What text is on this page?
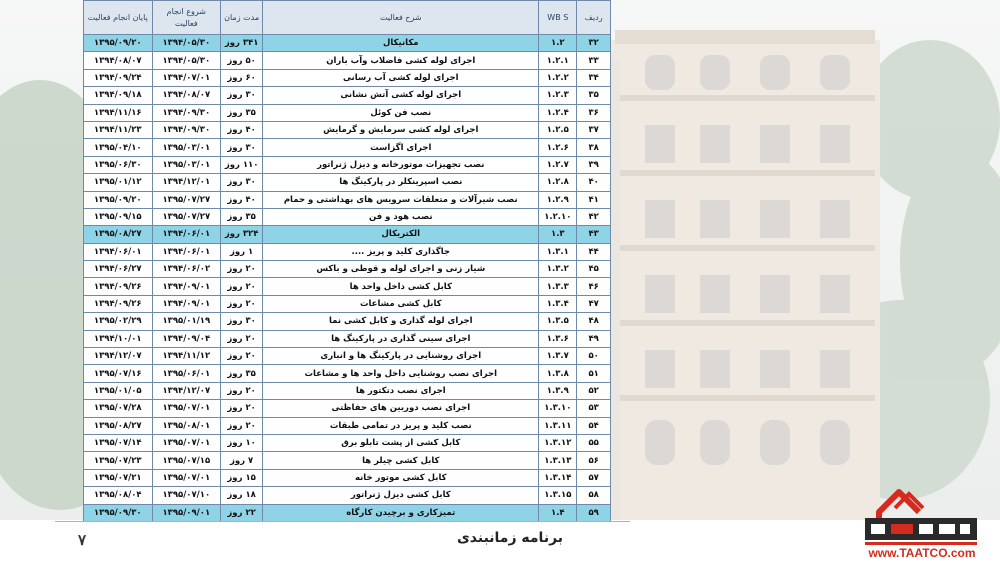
ردیف	WB S	شرح فعالیت	مدت زمان	شروع انجام فعالیت	پایان انجام فعالیت
۳۲	۱.۲	مکانیکال	۳۴۱ روز	۱۳۹۴/۰۵/۳۰	۱۳۹۵/۰۹/۲۰
۳۳	۱.۲.۱	اجرای لوله کشی فاضلاب وآب باران	۵۰ روز	۱۳۹۴/۰۵/۳۰	۱۳۹۴/۰۸/۰۷
۳۴	۱.۲.۲	اجرای لوله کشی آب رسانی	۶۰ روز	۱۳۹۴/۰۷/۰۱	۱۳۹۴/۰۹/۲۴
۳۵	۱.۲.۳	اجرای لوله کشی آتش نشانی	۳۰ روز	۱۳۹۴/۰۸/۰۷	۱۳۹۴/۰۹/۱۸
۳۶	۱.۲.۴	نصب فن کوئل	۳۵ روز	۱۳۹۴/۰۹/۳۰	۱۳۹۴/۱۱/۱۶
۳۷	۱.۲.۵	اجرای لوله کشی سرمایش و گرمایش	۴۰ روز	۱۳۹۴/۰۹/۳۰	۱۳۹۴/۱۱/۲۳
۳۸	۱.۲.۶	اجرای اگزاست	۳۰ روز	۱۳۹۵/۰۳/۰۱	۱۳۹۵/۰۴/۱۰
۳۹	۱.۲.۷	نصب تجهیزات موتورخانه و دیزل ژنراتور	۱۱۰ روز	۱۳۹۵/۰۳/۰۱	۱۳۹۵/۰۶/۳۰
۴۰	۱.۲.۸	نصب اسپرینکلر در پارکینگ ها	۳۰ روز	۱۳۹۴/۱۲/۰۱	۱۳۹۵/۰۱/۱۲
۴۱	۱.۲.۹	نصب شیرآلات و متعلقات سرویس های بهداشتی و حمام	۴۰ روز	۱۳۹۵/۰۷/۲۷	۱۳۹۵/۰۹/۲۰
۴۲	۱.۲.۱۰	نصب هود و فن	۳۵ روز	۱۳۹۵/۰۷/۲۷	۱۳۹۵/۰۹/۱۵
۴۳	۱.۳	الکتریکال	۳۲۴ روز	۱۳۹۴/۰۶/۰۱	۱۳۹۵/۰۸/۲۷
۴۴	۱.۳.۱	جاگذاری کلید و پریز ....	۱ روز	۱۳۹۴/۰۶/۰۱	۱۳۹۴/۰۶/۰۱
۴۵	۱.۳.۲	شیار زنی و اجرای لوله و قوطی و باکس	۲۰ روز	۱۳۹۴/۰۶/۰۲	۱۳۹۴/۰۶/۲۷
۴۶	۱.۳.۳	کابل کشی داخل واحد ها	۲۰ روز	۱۳۹۴/۰۹/۰۱	۱۳۹۴/۰۹/۲۶
۴۷	۱.۳.۴	کابل کشی مشاعات	۲۰ روز	۱۳۹۴/۰۹/۰۱	۱۳۹۴/۰۹/۲۶
۴۸	۱.۳.۵	اجرای لوله گذاری و کابل کشی نما	۳۰ روز	۱۳۹۵/۰۱/۱۹	۱۳۹۵/۰۲/۲۹
۴۹	۱.۳.۶	اجرای سینی گذاری در پارکینگ ها	۲۰ روز	۱۳۹۴/۰۹/۰۴	۱۳۹۴/۱۰/۰۱
۵۰	۱.۳.۷	اجرای روشنایی در پارکینگ ها و انباری	۲۰ روز	۱۳۹۴/۱۱/۱۲	۱۳۹۴/۱۲/۰۷
۵۱	۱.۳.۸	اجرای نصب روشنایی داخل واحد ها و مشاعات	۳۵ روز	۱۳۹۵/۰۶/۰۱	۱۳۹۵/۰۷/۱۶
۵۲	۱.۳.۹	اجرای نصب دتکتور ها	۲۰ روز	۱۳۹۴/۱۲/۰۷	۱۳۹۵/۰۱/۰۵
۵۳	۱.۳.۱۰	اجرای نصب دوربین های حفاظتی	۲۰ روز	۱۳۹۵/۰۷/۰۱	۱۳۹۵/۰۷/۲۸
۵۴	۱.۳.۱۱	نصب کلید و پریز در تمامی طبقات	۲۰ روز	۱۳۹۵/۰۸/۰۱	۱۳۹۵/۰۸/۲۷
۵۵	۱.۳.۱۲	کابل کشی از پشت تابلو برق	۱۰ روز	۱۳۹۵/۰۷/۰۱	۱۳۹۵/۰۷/۱۴
۵۶	۱.۳.۱۳	کابل کشی چیلر ها	۷ روز	۱۳۹۵/۰۷/۱۵	۱۳۹۵/۰۷/۲۳
۵۷	۱.۳.۱۴	کابل کشی موتور خانه	۱۵ روز	۱۳۹۵/۰۷/۰۱	۱۳۹۵/۰۷/۲۱
۵۸	۱.۳.۱۵	کابل کشی دیزل ژنراتور	۱۸ روز	۱۳۹۵/۰۷/۱۰	۱۳۹۵/۰۸/۰۴
۵۹	۱.۴	تمیزکاری و برچیدن کارگاه	۲۲ روز	۱۳۹۵/۰۹/۰۱	۱۳۹۵/۰۹/۳۰
۷	برنامه زمانبندی
www.TAATCO.com
